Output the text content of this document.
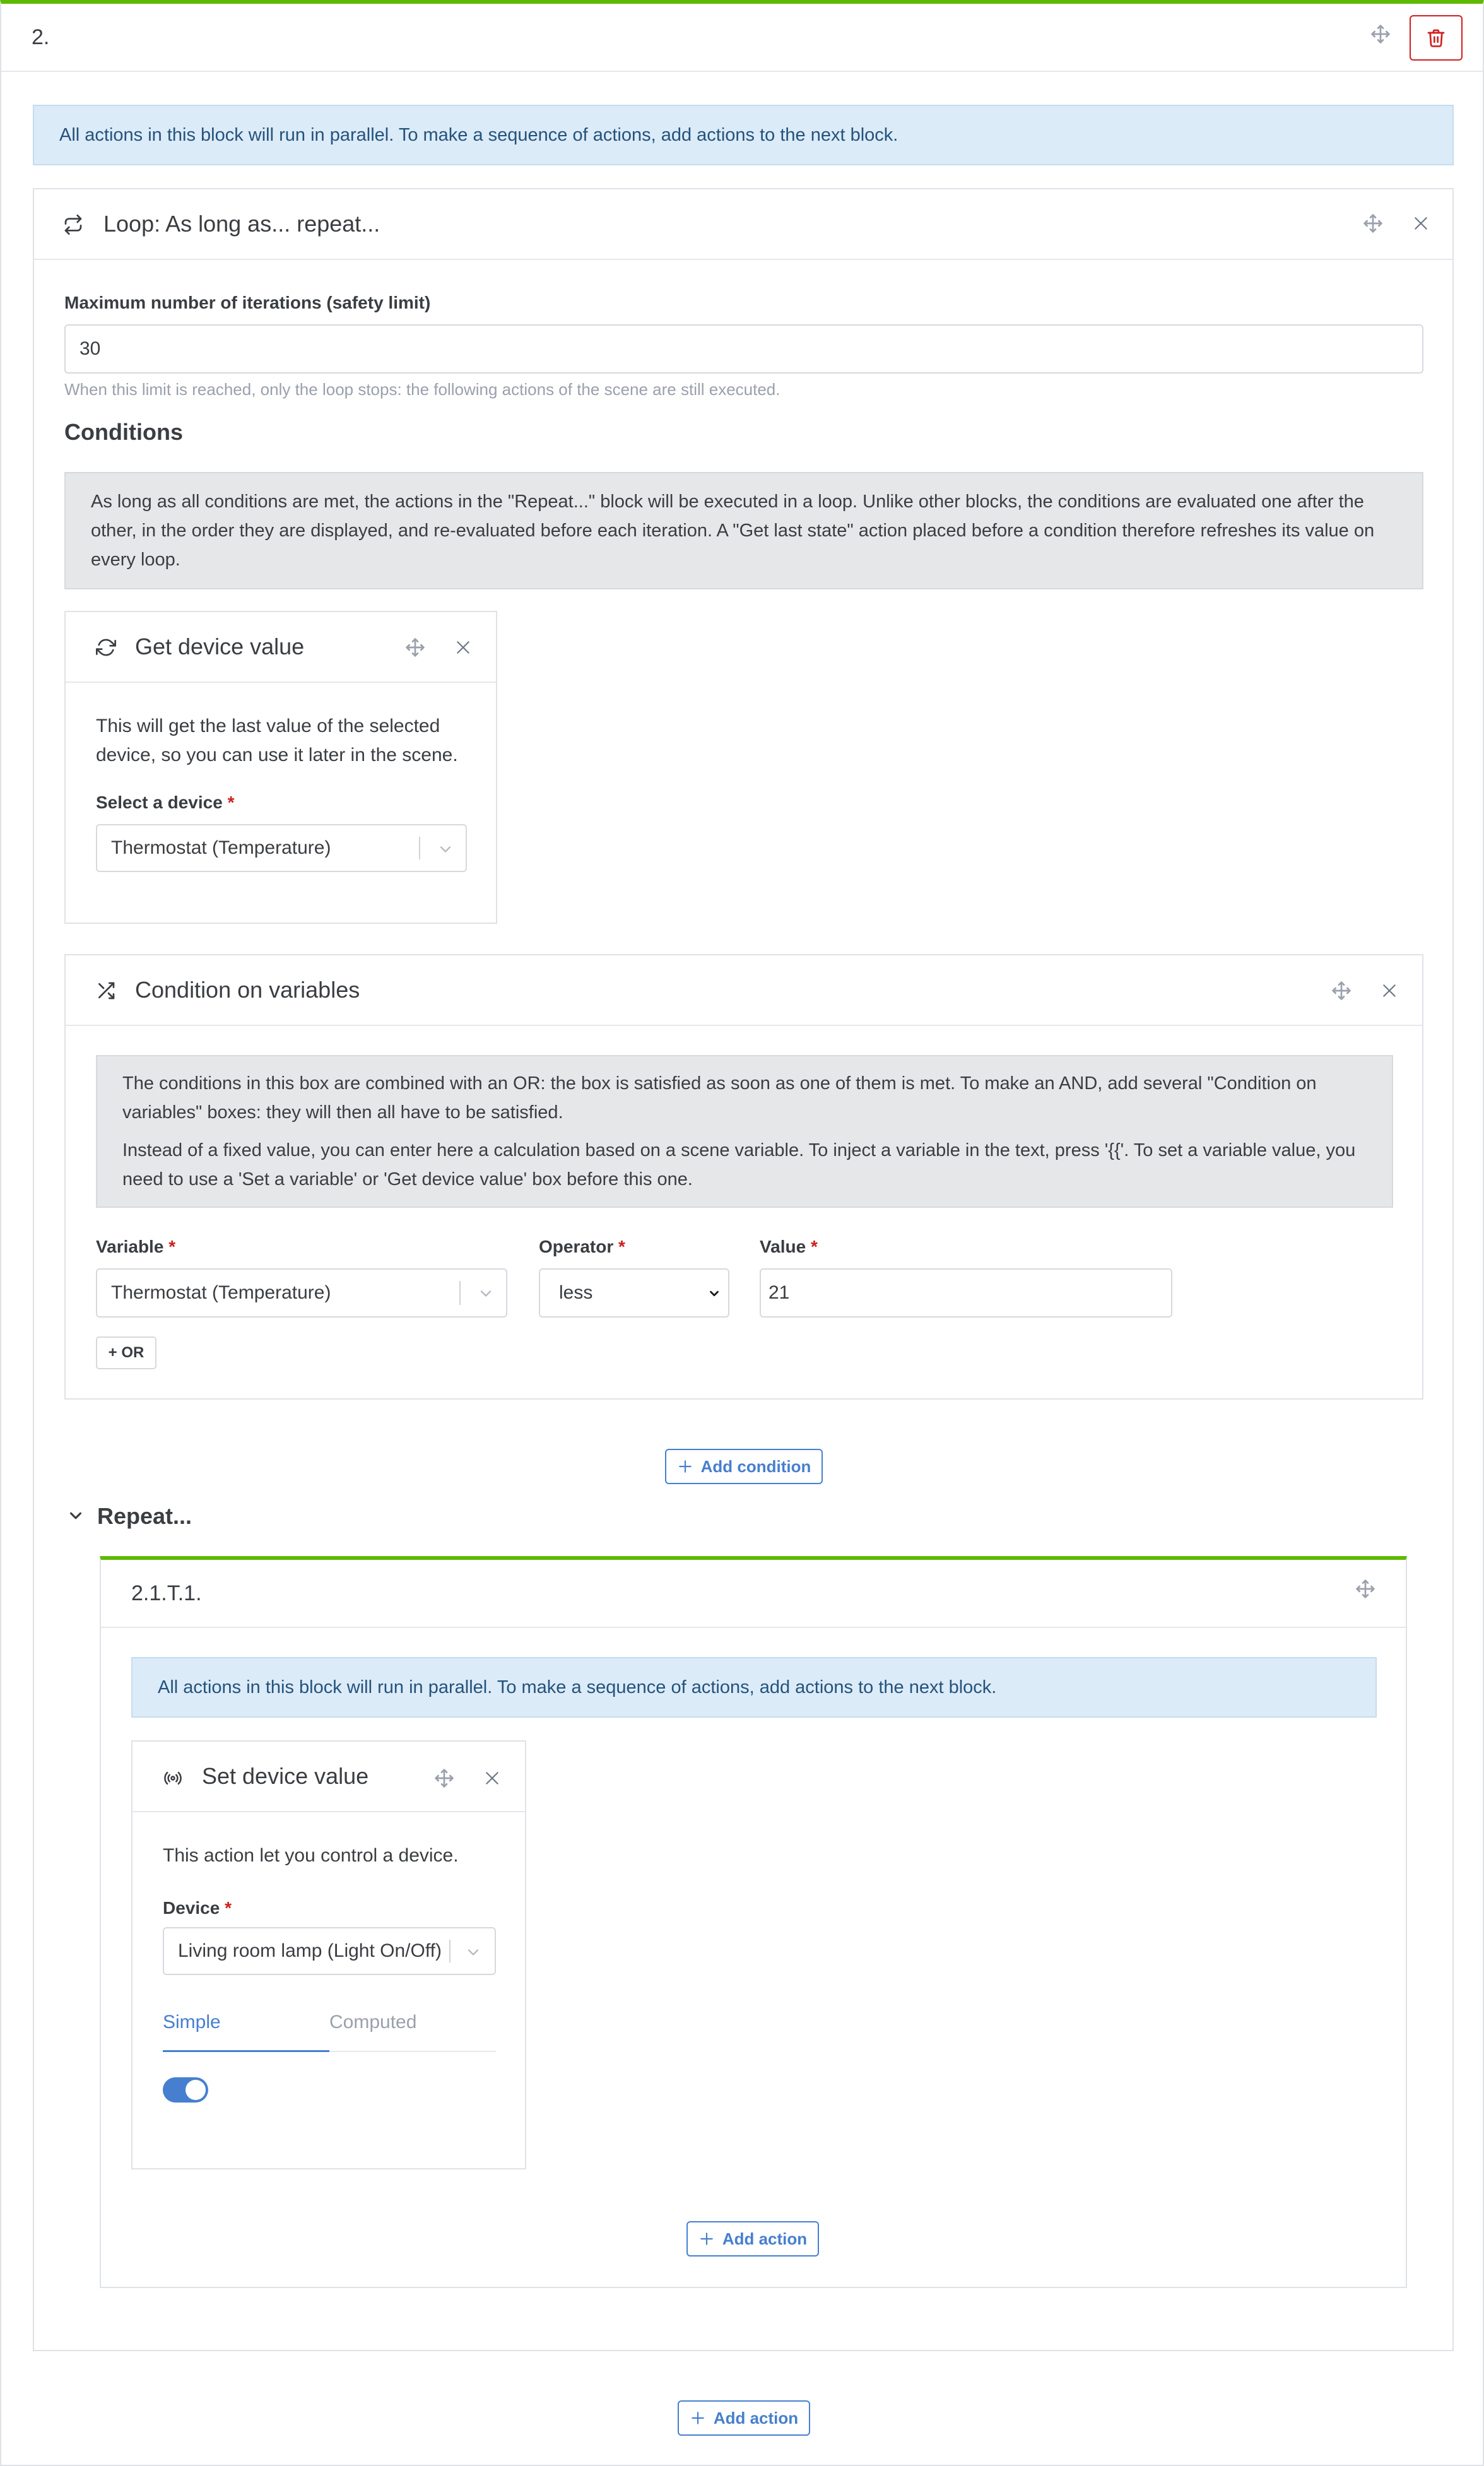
2.
All actions in this block will run in parallel. To make a sequence of actions, add actions to the next block.
Loop: As long as... repeat...
Maximum number of iterations (safety limit)
30
When this limit is reached, only the loop stops: the following actions of the scene are still executed.
Conditions
As long as all conditions are met, the actions in the "Repeat..." block will be executed in a loop. Unlike other blocks, the conditions are evaluated one after the other, in the order they are displayed, and re-evaluated before each iteration. A "Get last state" action placed before a condition therefore refreshes its value on every loop.
Get device value
This will get the last value of the selected device, so you can use it later in the scene.
Select a device *
Thermostat (Temperature)
Condition on variables
The conditions in this box are combined with an OR: the box is satisfied as soon as one of them is met. To make an AND, add several "Condition on variables" boxes: they will then all have to be satisfied.
Instead of a fixed value, you can enter here a calculation based on a scene variable. To inject a variable in the text, press '{{'. To set a variable value, you need to use a 'Set a variable' or 'Get device value' box before this one.
Variable *
Thermostat (Temperature)
Operator *
less
Value *
21
+ OR
Add condition
Repeat...
2.1.T.1.
All actions in this block will run in parallel. To make a sequence of actions, add actions to the next block.
Set device value
This action let you control a device.
Device *
Living room lamp (Light On/Off)
Simple	Computed
Add action
Add action
